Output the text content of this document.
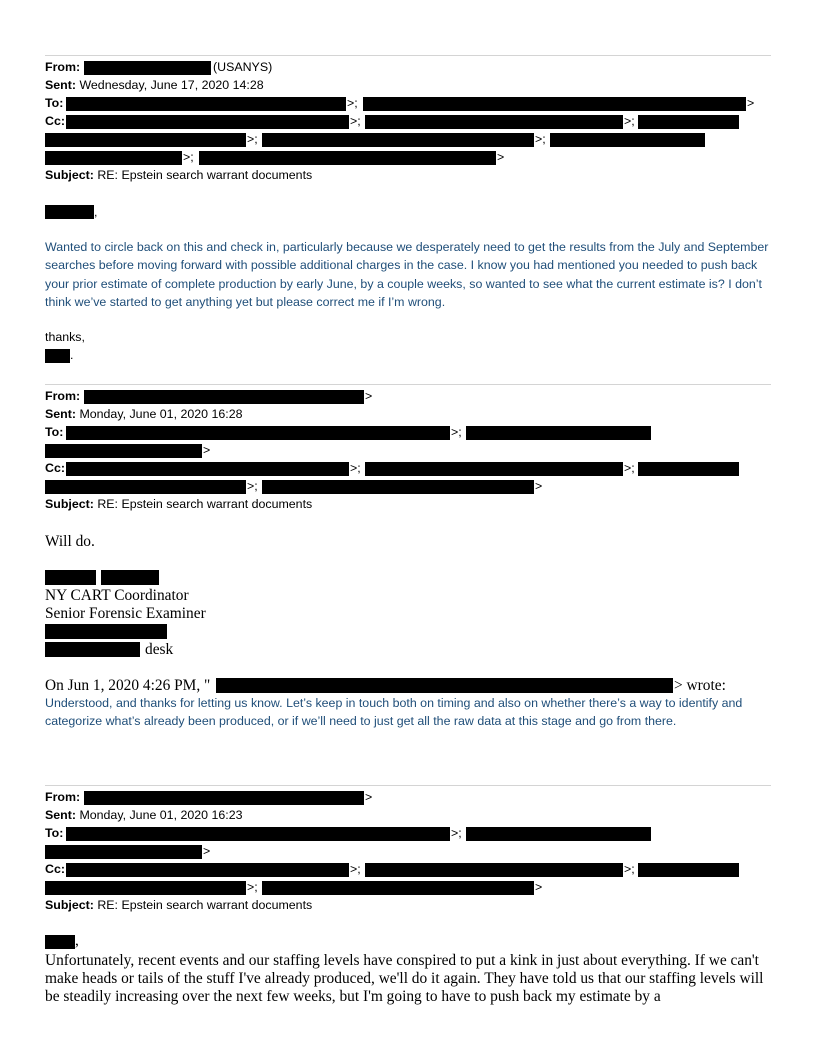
From:	(USANYS)
Sent: Wednesday, June 17, 2020 14:28
To:	>;	>
Cc:	>;	>;
>;	>;
>;	>
Subject: RE: Epstein search warrant documents
,
Wanted to circle back on this and check in, particularly because we desperately need to get the results from the July and September searches before moving forward with possible additional charges in the case. I know you had mentioned you needed to push back your prior estimate of complete production by early June, by a couple weeks, so wanted to see what the current estimate is? I don’t think we’ve started to get anything yet but please correct me if I’m wrong.
thanks,
.
From:	>
Sent: Monday, June 01, 2020 16:28
To:	>;
>
Cc:	>;	>;
>;	>
Subject: RE: Epstein search warrant documents
Will do.
NY CART Coordinator
Senior Forensic Examiner
desk
On Jun 1, 2020 4:26 PM, "	> wrote:
Understood, and thanks for letting us know. Let’s keep in touch both on timing and also on whether there’s a way to identify and categorize what’s already been produced, or if we’ll need to just get all the raw data at this stage and go from there.
From:	>
Sent: Monday, June 01, 2020 16:23
To:	>;
>
Cc:	>;	>;
>;	>
Subject: RE: Epstein search warrant documents
,
Unfortunately, recent events and our staffing levels have conspired to put a kink in just about everything. If we can't make heads or tails of the stuff I've already produced, we'll do it again. They have told us that our staffing levels will be steadily increasing over the next few weeks, but I'm going to have to push back my estimate by a
